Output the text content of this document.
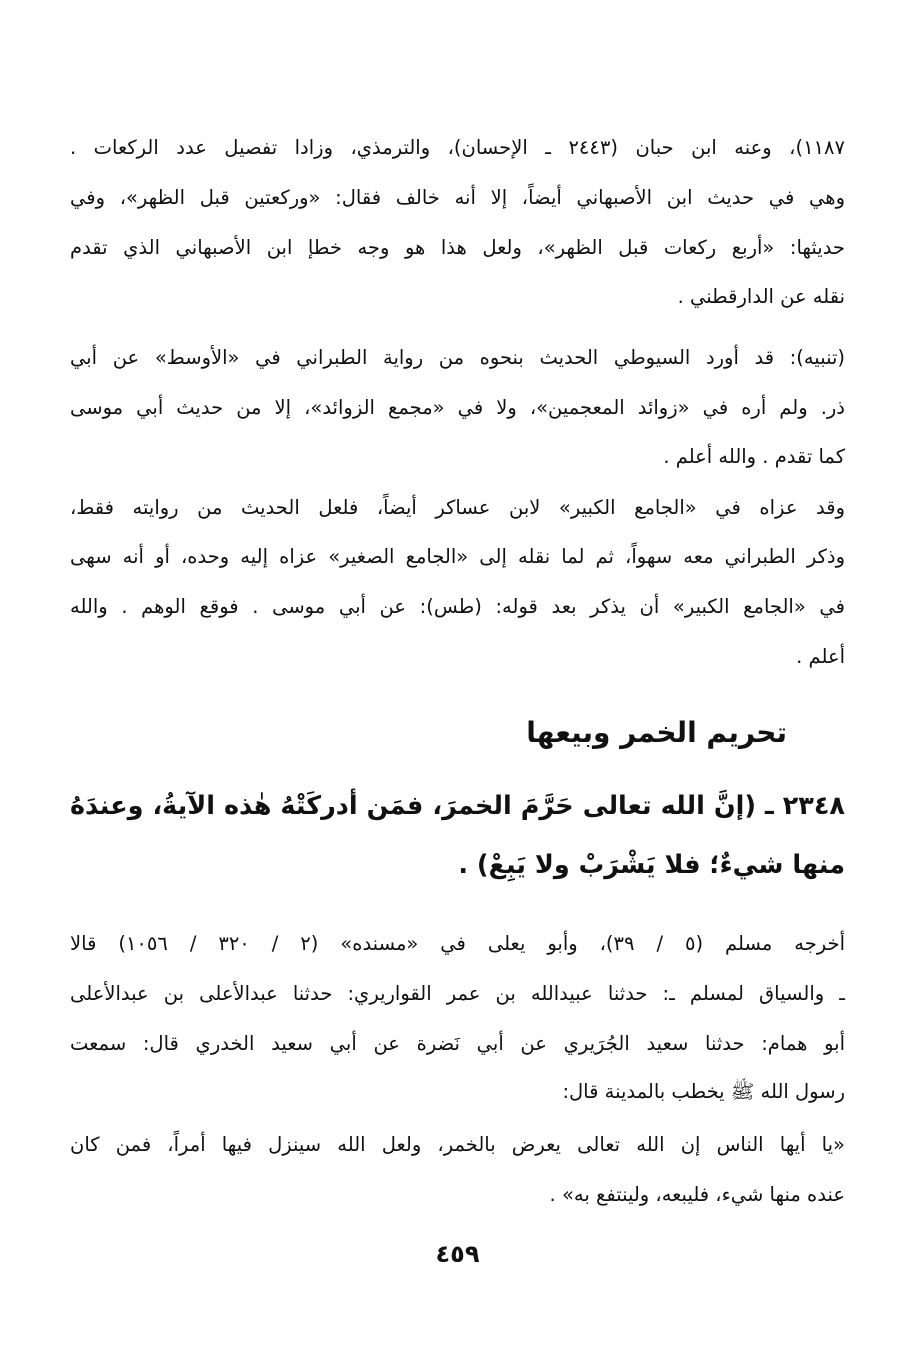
١١٨٧)، وعنه ابن حبان (٢٤٤٣ ـ الإحسان)، والترمذي، وزادا تفصيل عدد الركعات .
وهي في حديث ابن الأصبهاني أيضاً، إلا أنه خالف فقال: «وركعتين قبل الظهر»، وفي
حديثها: «أربع ركعات قبل الظهر»، ولعل هذا هو وجه خطإ ابن الأصبهاني الذي تقدم
نقله عن الدارقطني .
(تنبيه): قد أورد السيوطي الحديث بنحوه من رواية الطبراني في «الأوسط» عن أبي
ذر. ولم أره في «زوائد المعجمين»، ولا في «مجمع الزوائد»، إلا من حديث أبي موسى
كما تقدم . والله أعلم .
وقد عزاه في «الجامع الكبير» لابن عساكر أيضاً، فلعل الحديث من روايته فقط،
وذكر الطبراني معه سهواً، ثم لما نقله إلى «الجامع الصغير» عزاه إليه وحده، أو أنه سهى
في «الجامع الكبير» أن يذكر بعد قوله: (طس): عن أبي موسى . فوقع الوهم . والله
أعلم .
تحريم الخمر وبيعها
٢٣٤٨ ـ (إنَّ الله تعالى حَرَّمَ الخمرَ، فمَن أدركَتْهُ هٰذه الآيةُ، وعندَهُ
منها شيءٌ؛ فلا يَشْرَبْ ولا يَبِعْ) .
أخرجه مسلم (٥ / ٣٩)، وأبو يعلى في «مسنده» (٢ / ٣٢٠ / ١٠٥٦) قالا
ـ والسياق لمسلم ـ: حدثنا عبيدالله بن عمر القواريري: حدثنا عبدالأعلى بن عبدالأعلى
أبو همام: حدثنا سعيد الجُرَيري عن أبي نَضرة عن أبي سعيد الخدري قال: سمعت
رسول الله ﷺ يخطب بالمدينة قال:
«يا أيها الناس إن الله تعالى يعرض بالخمر، ولعل الله سينزل فيها أمراً، فمن كان
عنده منها شيء، فليبعه، ولينتفع به» .
٤٥٩
